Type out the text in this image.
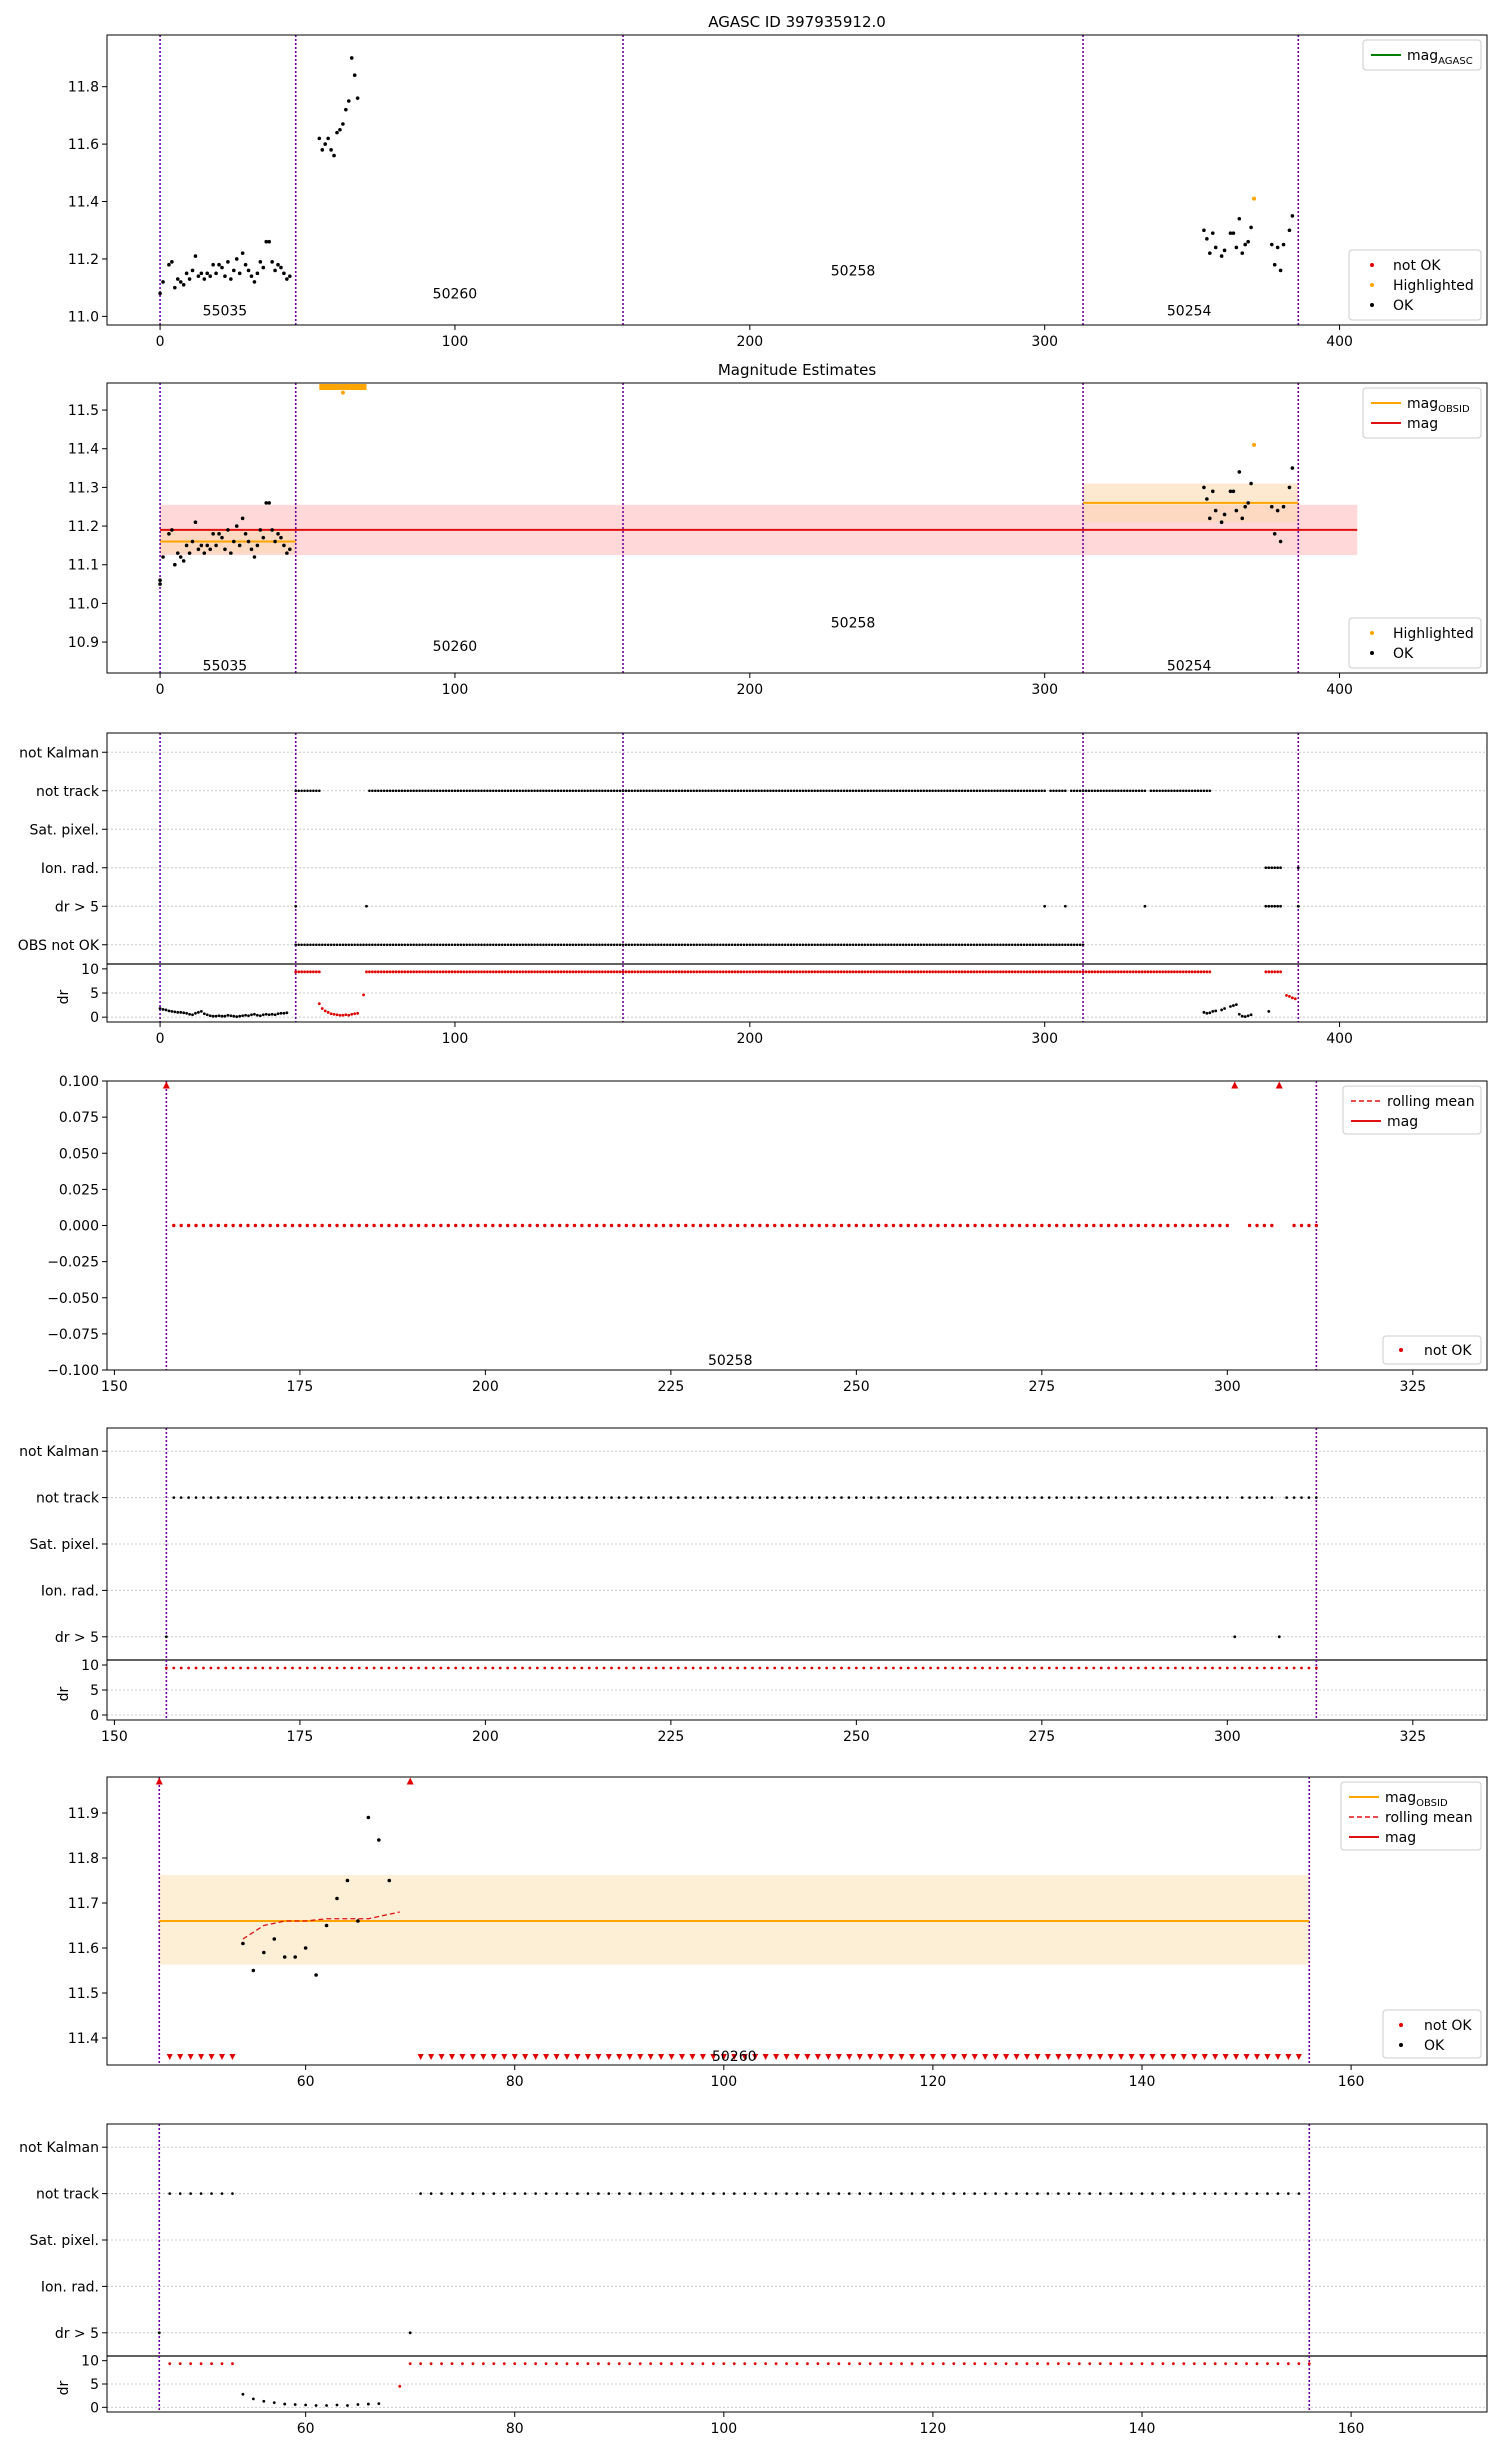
AGASC ID 397935912.0
55035
50260
50258
50254
0	100	200	300	400
11.0
11.2
11.4
11.6
11.8
mag$_{AGASC}$
not OK
Highlighted
OK
Magnitude Estimates
55035
50260
50258
50254
0	100	200	300	400
10.9
11.0
11.1
11.2
11.3
11.4
11.5	mag$_{OBSID}$
mag
Highlighted
OK
not Kalman
not track
Sat. pixel.
Ion. rad.
dr > 5
OBS not OK
0
5
10
dr
0	100	200	300	400
50258
150	175	200	225	250	275	300	325
−0.100
−0.075
−0.050
−0.025
0.000
0.025
0.050
0.075
0.100
rolling mean
mag
not OK
not Kalman
not track
Sat. pixel.
Ion. rad.
dr > 5
0
5
10
dr
150	175	200	225	250	275	300	325
50260
60	80	100	120	140	160
11.4
11.5
11.6
11.7
11.8
11.9
mag$_{OBSID}$
rolling mean
mag
not OK
OK
not Kalman
not track
Sat. pixel.
Ion. rad.
dr > 5
0
5
10
dr
60	80	100	120	140	160
